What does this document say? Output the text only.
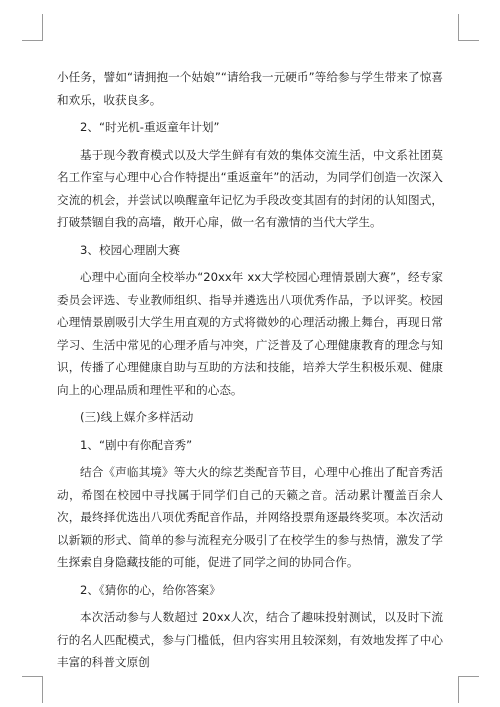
小任务，譬如“请拥抱一个姑娘”“请给我一元硬币”等给参与学生带来了惊喜和欢乐，收获良多。

2、“时光机-重返童年计划”

基于现今教育模式以及大学生鲜有有效的集体交流生活，中文系社团莫名工作室与心理中心合作特提出“重返童年”的活动，为同学们创造一次深入交流的机会，并尝试以唤醒童年记忆为手段改变其固有的封闭的认知图式，打破禁锢自我的高墙，敞开心扉，做一名有激情的当代大学生。

3、校园心理剧大赛

心理中心面向全校举办“20xx年 xx大学校园心理情景剧大赛”，经专家委员会评选、专业教师组织、指导并遴选出八项优秀作品，予以评奖。校园心理情景剧吸引大学生用直观的方式将微妙的心理活动搬上舞台，再现日常学习、生活中常见的心理矛盾与冲突，广泛普及了心理健康教育的理念与知识，传播了心理健康自助与互助的方法和技能，培养大学生积极乐观、健康向上的心理品质和理性平和的心态。

(三)线上媒介多样活动

1、“剧中有你配音秀”

结合《声临其境》等大火的综艺类配音节目，心理中心推出了配音秀活动，希图在校园中寻找属于同学们自己的天籁之音。活动累计覆盖百余人次，最终择优选出八项优秀配音作品，并网络投票角逐最终奖项。本次活动以新颖的形式、简单的参与流程充分吸引了在校学生的参与热情，激发了学生探索自身隐藏技能的可能，促进了同学之间的协同合作。

2、《猜你的心，给你答案》

本次活动参与人数超过 20xx人次，结合了趣味投射测试，以及时下流行的名人匹配模式，参与门槛低，但内容实用且较深刻，有效地发挥了中心丰富的科普文原创
